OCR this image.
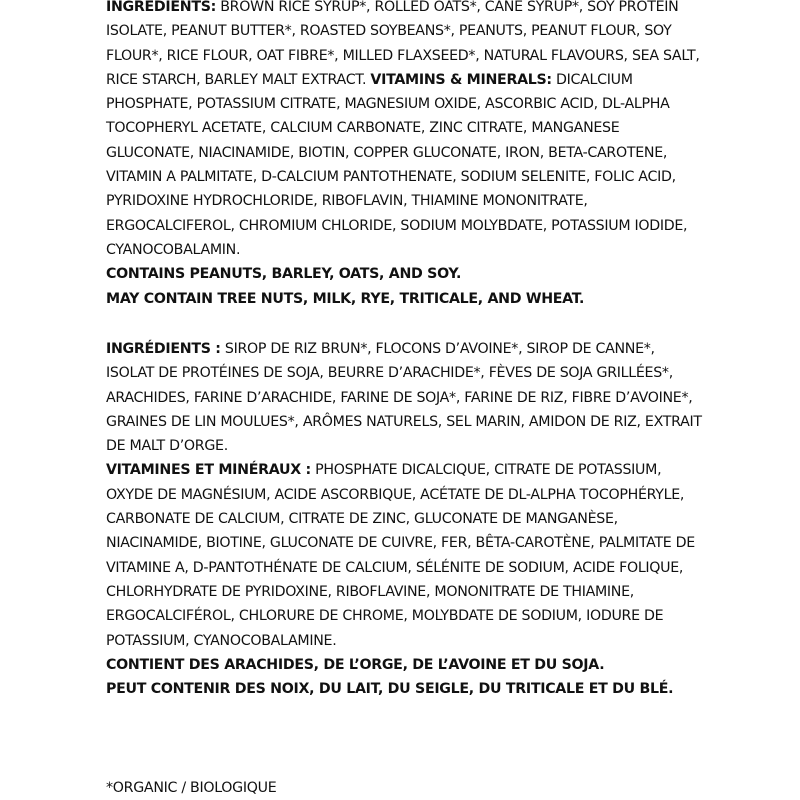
INGREDIENTS: BROWN RICE SYRUP*, ROLLED OATS*, CANE SYRUP*, SOY PROTEIN ISOLATE, PEANUT BUTTER*, ROASTED SOYBEANS*, PEANUTS, PEANUT FLOUR, SOY FLOUR*, RICE FLOUR, OAT FIBRE*, MILLED FLAXSEED*, NATURAL FLAVOURS, SEA SALT, RICE STARCH, BARLEY MALT EXTRACT. VITAMINS & MINERALS: DICALCIUM PHOSPHATE, POTASSIUM CITRATE, MAGNESIUM OXIDE, ASCORBIC ACID, DL-ALPHA TOCOPHERYL ACETATE, CALCIUM CARBONATE, ZINC CITRATE, MANGANESE GLUCONATE, NIACINAMIDE, BIOTIN, COPPER GLUCONATE, IRON, BETA-CAROTENE, VITAMIN A PALMITATE, D-CALCIUM PANTOTHENATE, SODIUM SELENITE, FOLIC ACID, PYRIDOXINE HYDROCHLORIDE, RIBOFLAVIN, THIAMINE MONONITRATE, ERGOCALCIFEROL, CHROMIUM CHLORIDE, SODIUM MOLYBDATE, POTASSIUM IODIDE, CYANOCOBALAMIN.

CONTAINS PEANUTS, BARLEY, OATS, AND SOY.

MAY CONTAIN TREE NUTS, MILK, RYE, TRITICALE, AND WHEAT.

INGRÉDIENTS : SIROP DE RIZ BRUN*, FLOCONS D’AVOINE*, SIROP DE CANNE*, ISOLAT DE PROTÉINES DE SOJA, BEURRE D’ARACHIDE*, FÈVES DE SOJA GRILLÉES*, ARACHIDES, FARINE D’ARACHIDE, FARINE DE SOJA*, FARINE DE RIZ, FIBRE D’AVOINE*, GRAINES DE LIN MOULUES*, ARÔMES NATURELS, SEL MARIN, AMIDON DE RIZ, EXTRAIT DE MALT D’ORGE.

VITAMINES ET MINÉRAUX : PHOSPHATE DICALCIQUE, CITRATE DE POTASSIUM, OXYDE DE MAGNÉSIUM, ACIDE ASCORBIQUE, ACÉTATE DE DL-ALPHA TOCOPHÉRYLE, CARBONATE DE CALCIUM, CITRATE DE ZINC, GLUCONATE DE MANGANÈSE, NIACINAMIDE, BIOTINE, GLUCONATE DE CUIVRE, FER, BÊTA-CAROTÈNE, PALMITATE DE VITAMINE A, D-PANTOTHÉNATE DE CALCIUM, SÉLÉNITE DE SODIUM, ACIDE FOLIQUE, CHLORHYDRATE DE PYRIDOXINE, RIBOFLAVINE, MONONITRATE DE THIAMINE, ERGOCALCIFÉROL, CHLORURE DE CHROME, MOLYBDATE DE SODIUM, IODURE DE POTASSIUM, CYANOCOBALAMINE.

CONTIENT DES ARACHIDES, DE L’ORGE, DE L’AVOINE ET DU SOJA.

PEUT CONTENIR DES NOIX, DU LAIT, DU SEIGLE, DU TRITICALE ET DU BLÉ.

*ORGANIC / BIOLOGIQUE
